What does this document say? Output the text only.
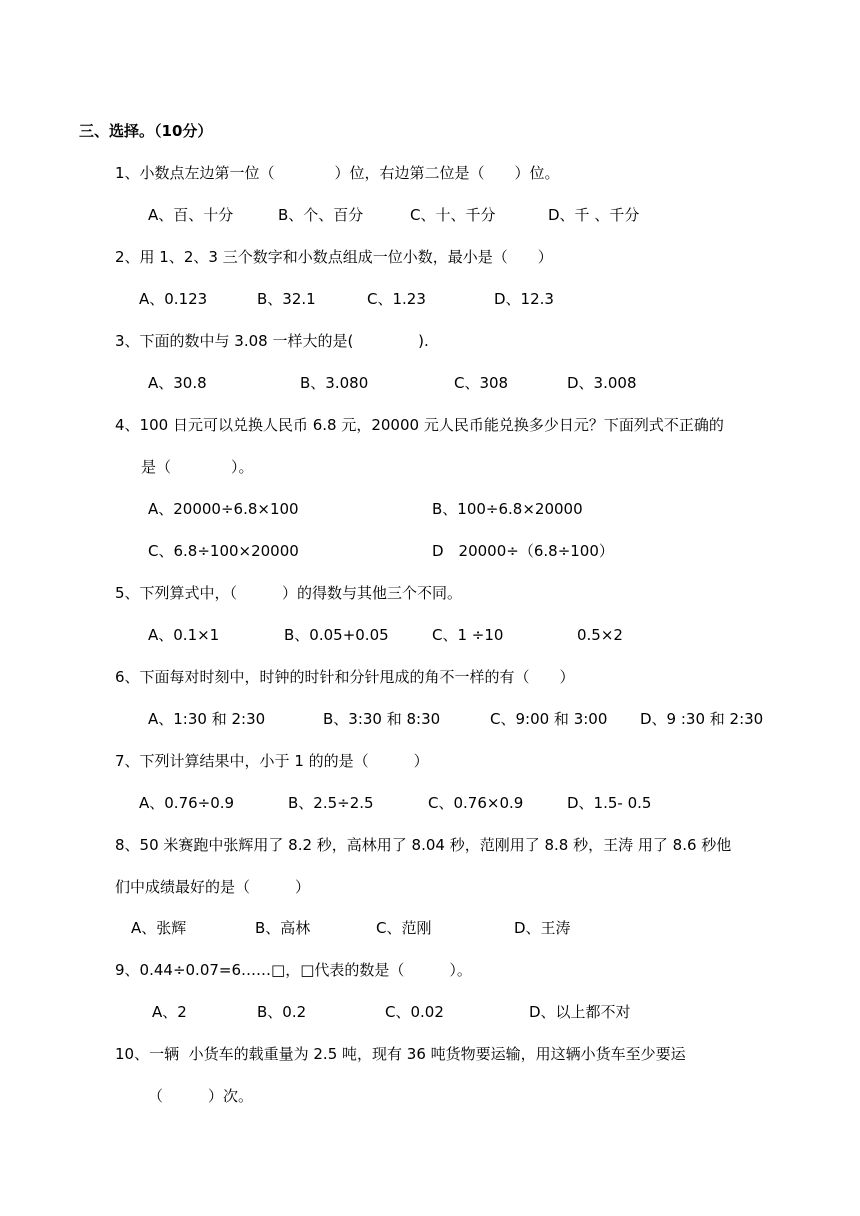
三、选择。（10分）
1、小数点左边第一位（　　　　）位，右边第二位是（　　）位。
A、百、十分	B、个、百分	C、十、千分	D、千 、千分
2、用 1、2、3 三个数字和小数点组成一位小数，最小是（　　）
A、0.123	B、32.1	C、1.23	D、12.3
3、下面的数中与 3.08 一样大的是(　　　　 ).
A、30.8	B、3.080	C、308	D、3.008
4、100 日元可以兑换人民币 6.8 元，20000 元人民币能兑换多少日元？下面列式不正确的
是（　　　　）。
A、20000÷6.8×100	B、100÷6.8×20000
C、6.8÷100×20000	D　20000÷（6.8÷100）
5、下列算式中，（　　　）的得数与其他三个不同。
A、0.1×1	B、0.05+0.05	C、1 ÷10	0.5×2
6、下面每对时刻中，时钟的时针和分针甩成的角不一样的有（　　）
A、1:30 和 2:30	B、3:30 和 8:30	C、9:00 和 3:00 D、9 :30 和 2:30
7、下列计算结果中，小于 1 的的是（　　　）
A、0.76÷0.9	B、2.5÷2.5	C、0.76×0.9	D、1.5- 0.5
8、50 米赛跑中张辉用了 8.2 秒，高林用了 8.04 秒，范刚用了 8.8 秒，王涛 用了 8.6 秒他
们中成绩最好的是（　　　）
A、张辉	B、高林	C、范刚	D、王涛
9、0.44÷0.07=6……□，□代表的数是（　　　）。
A、2	B、0.2	C、0.02	D、以上都不对
10、一辆  小货车的载重量为 2.5 吨，现有 36 吨货物要运输，用这辆小货车至少要运
（　　　）次。
